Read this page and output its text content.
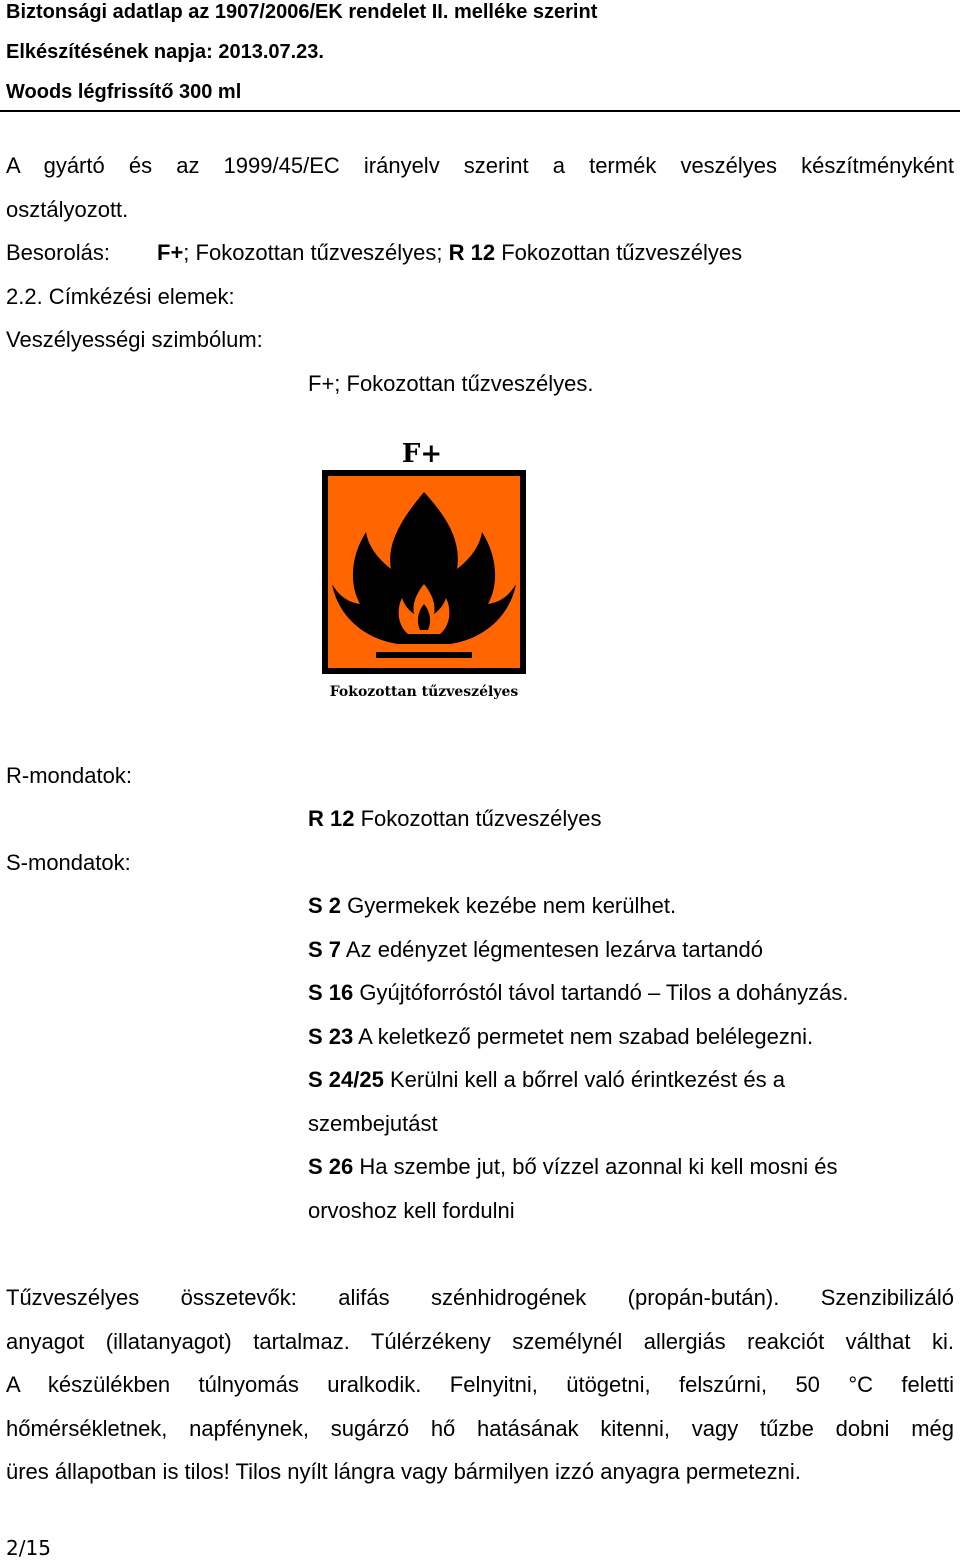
Biztonsági adatlap az 1907/2006/EK rendelet II. melléke szerint
Elkészítésének napja: 2013.07.23.
Woods légfrissítő 300 ml
A gyártó és az 1999/45/EC irányelv szerint a termék veszélyes készítményként
osztályozott.
Besorolás: F+; Fokozottan tűzveszélyes; R 12 Fokozottan tűzveszélyes
2.2. Címkézési elemek:
Veszélyességi szimbólum:
F+; Fokozottan tűzveszélyes.
F+
Fokozottan tűzveszélyes
R-mondatok:
R 12 Fokozottan tűzveszélyes
S-mondatok:
S 2 Gyermekek kezébe nem kerülhet.
S 7 Az edényzet légmentesen lezárva tartandó
S 16 Gyújtóforróstól távol tartandó – Tilos a dohányzás.
S 23 A keletkező permetet nem szabad belélegezni.
S 24/25 Kerülni kell a bőrrel való érintkezést és a
szembejutást
S 26 Ha szembe jut, bő vízzel azonnal ki kell mosni és
orvoshoz kell fordulni
Tűzveszélyes összetevők: alifás szénhidrogének (propán-bután). Szenzibilizáló
anyagot (illatanyagot) tartalmaz. Túlérzékeny személynél allergiás reakciót válthat ki.
A készülékben túlnyomás uralkodik. Felnyitni, ütögetni, felszúrni, 50 °C feletti
hőmérsékletnek, napfénynek, sugárzó hő hatásának kitenni, vagy tűzbe dobni még
üres állapotban is tilos! Tilos nyílt lángra vagy bármilyen izzó anyagra permetezni.
2/15
